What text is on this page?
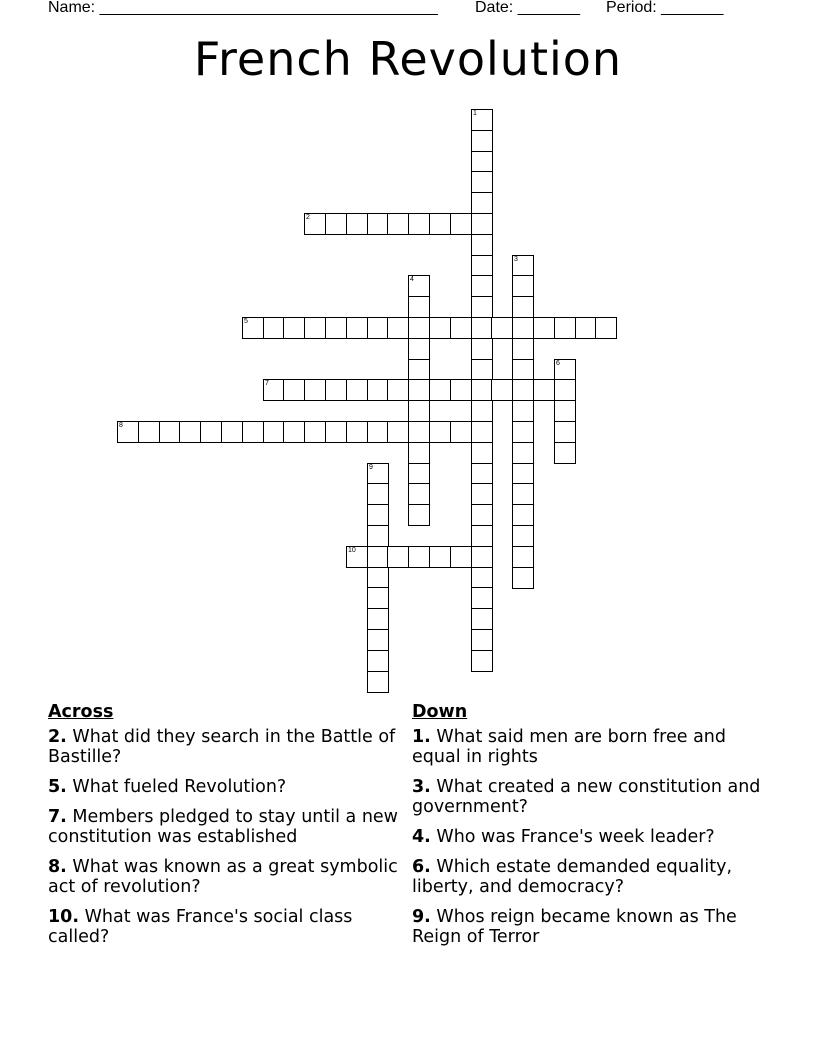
Name: ______________________________________ Date: _______ Period: _______
French Revolution
1
2
3
4
5
6
7
8
9
10
Across
2. What did they search in the Battle of Bastille?
5. What fueled Revolution?
7. Members pledged to stay until a new constitution was established
8. What was known as a great symbolic act of revolution?
10. What was France's social class called?
Down
1. What said men are born free and equal in rights
3. What created a new constitution and government?
4. Who was France's week leader?
6. Which estate demanded equality, liberty, and democracy?
9. Whos reign became known as The Reign of Terror
